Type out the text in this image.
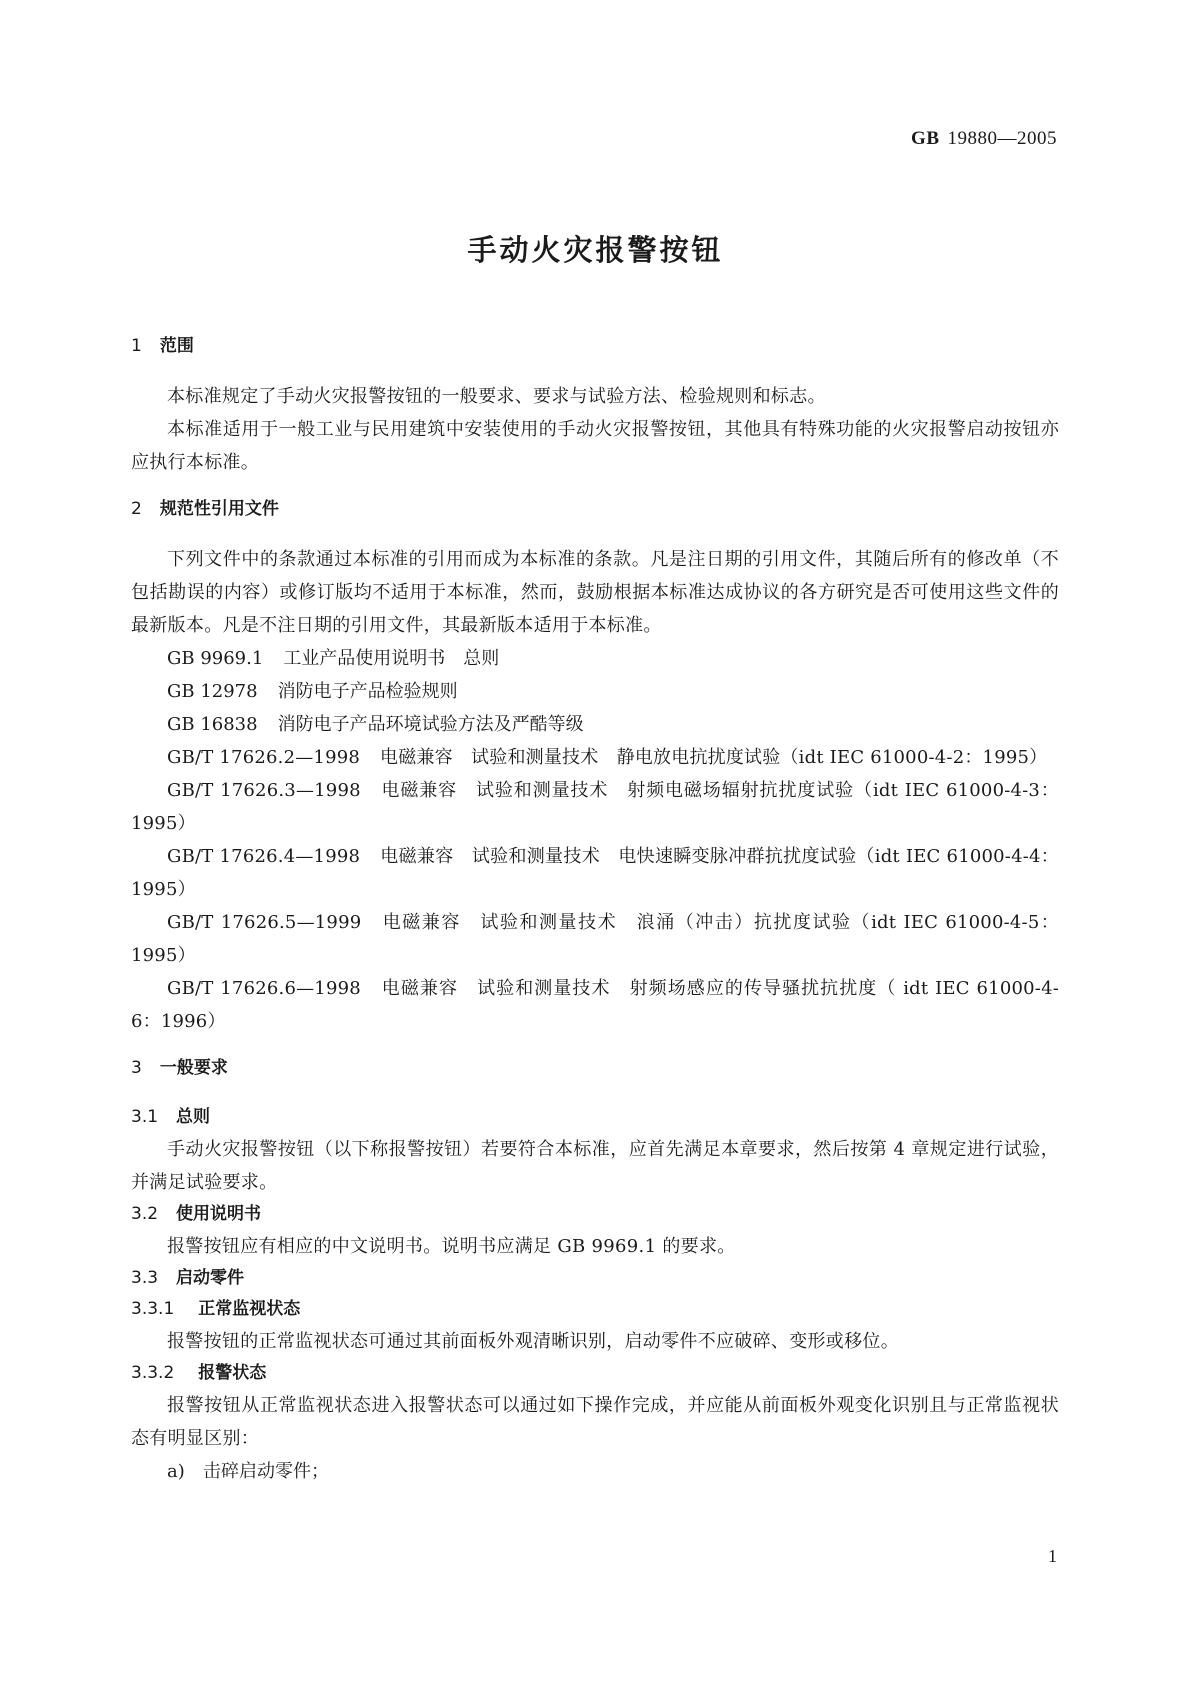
GB 19880—2005
手动火灾报警按钮
1 范围

本标准规定了手动火灾报警按钮的一般要求、要求与试验方法、检验规则和标志。

本标准适用于一般工业与民用建筑中安装使用的手动火灾报警按钮，其他具有特殊功能的火灾报警启动按钮亦应执行本标准。

2 规范性引用文件

下列文件中的条款通过本标准的引用而成为本标准的条款。凡是注日期的引用文件，其随后所有的修改单（不包括勘误的内容）或修订版均不适用于本标准，然而，鼓励根据本标准达成协议的各方研究是否可使用这些文件的最新版本。凡是不注日期的引用文件，其最新版本适用于本标准。

GB 9969.1 工业产品使用说明书　总则
GB 12978 消防电子产品检验规则
GB 16838 消防电子产品环境试验方法及严酷等级
GB/T 17626.2—1998 电磁兼容　试验和测量技术　静电放电抗扰度试验（idt IEC 61000-4-2：1995）
GB/T 17626.3—1998 电磁兼容　试验和测量技术　射频电磁场辐射抗扰度试验（idt IEC 61000-4-3：1995）
GB/T 17626.4—1998 电磁兼容　试验和测量技术　电快速瞬变脉冲群抗扰度试验（idt IEC 61000-4-4：1995）
GB/T 17626.5—1999 电磁兼容　试验和测量技术　浪涌（冲击）抗扰度试验（idt IEC 61000-4-5：1995）
GB/T 17626.6—1998 电磁兼容　试验和测量技术　射频场感应的传导骚扰抗扰度（ idt IEC 61000-4-6：1996）
3 一般要求
3.1 总则

手动火灾报警按钮（以下称报警按钮）若要符合本标准，应首先满足本章要求，然后按第 4 章规定进行试验，并满足试验要求。

3.2 使用说明书

报警按钮应有相应的中文说明书。说明书应满足 GB 9969.1 的要求。

3.3 启动零件
3.3.1 正常监视状态

报警按钮的正常监视状态可通过其前面板外观清晰识别，启动零件不应破碎、变形或移位。

3.3.2 报警状态

报警按钮从正常监视状态进入报警状态可以通过如下操作完成，并应能从前面板外观变化识别且与正常监视状态有明显区别：

a) 击碎启动零件；
1
